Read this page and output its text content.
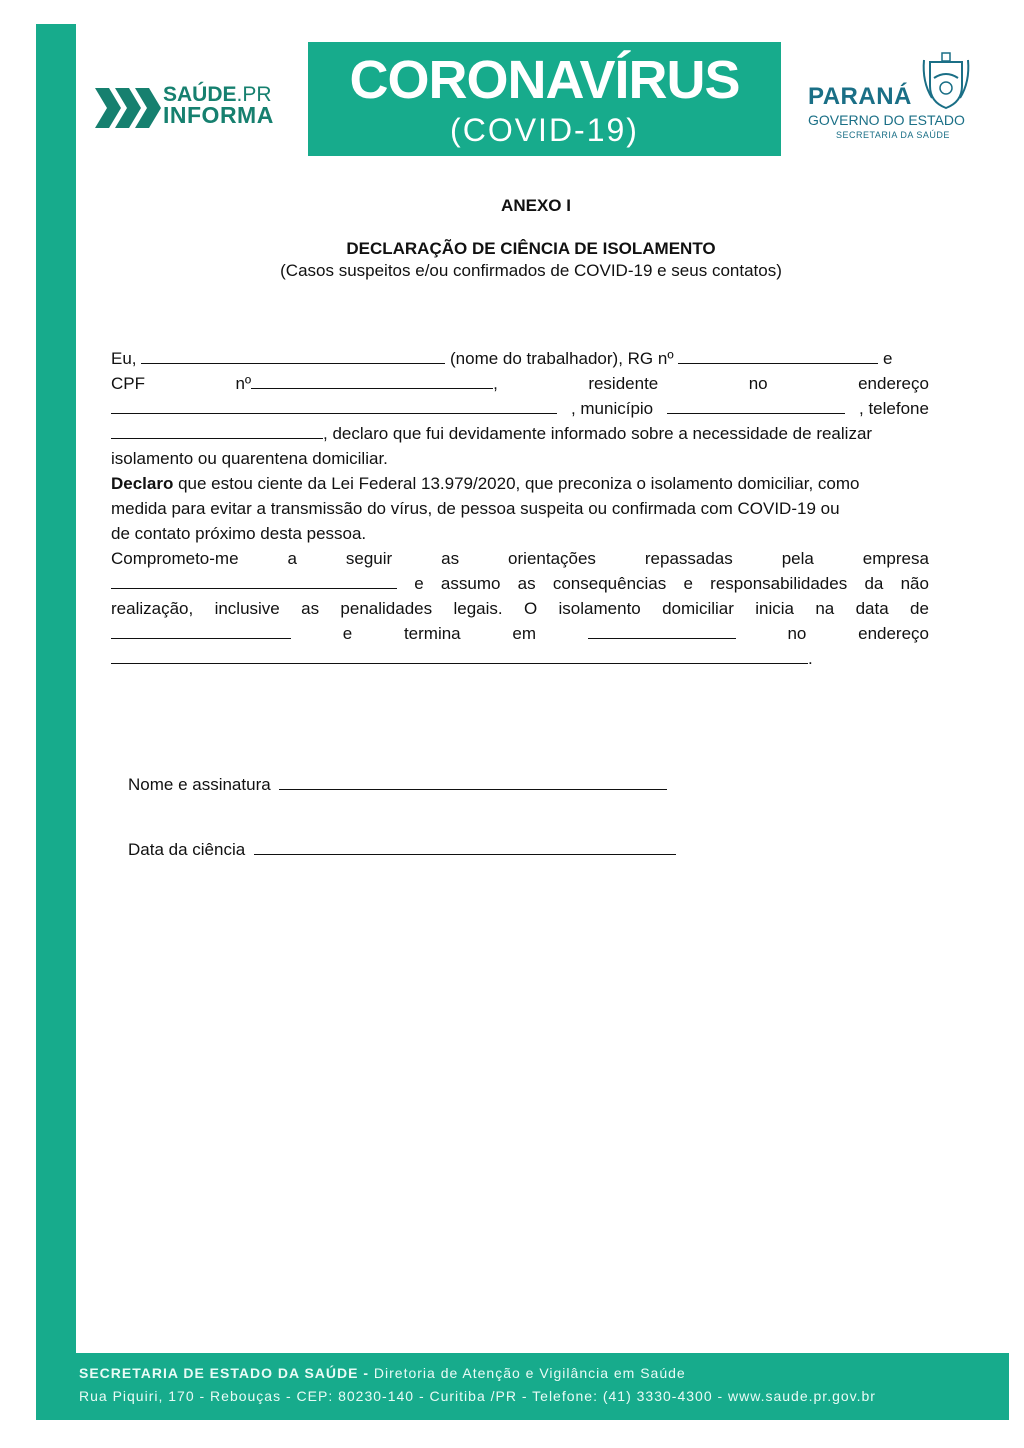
SAÚDE.PR
INFORMA
CORONAVÍRUS
(COVID-19)
PARANÁ
GOVERNO DO ESTADO
SECRETARIA DA SAÚDE
ANEXO I
DECLARAÇÃO DE CIÊNCIA DE ISOLAMENTO
(Casos suspeitos e/ou confirmados de COVID-19 e seus contatos)
Eu,	(nome do trabalhador), RG nº	e
CPF	nº	,	residente	no	endereço
, município	, telefone
, declaro que fui devidamente informado sobre a necessidade de realizar
isolamento ou quarentena domiciliar.
Declaro que estou ciente da Lei Federal 13.979/2020, que preconiza o isolamento domiciliar, como
medida para evitar a transmissão do vírus, de pessoa suspeita ou confirmada com COVID-19 ou
de contato próximo desta pessoa.
Comprometo-me	a	seguir	as	orientações	repassadas	pela	empresa
e assumo as consequências e responsabilidades da não
realização, inclusive as penalidades legais. O isolamento domiciliar inicia na data de
e	termina	em	no	endereço
.
Nome e assinatura
Data da ciência
SECRETARIA DE ESTADO DA SAÚDE - Diretoria de Atenção e Vigilância em Saúde
Rua Piquiri, 170 - Rebouças - CEP: 80230-140 - Curitiba /PR - Telefone: (41) 3330-4300 - www.saude.pr.gov.br
